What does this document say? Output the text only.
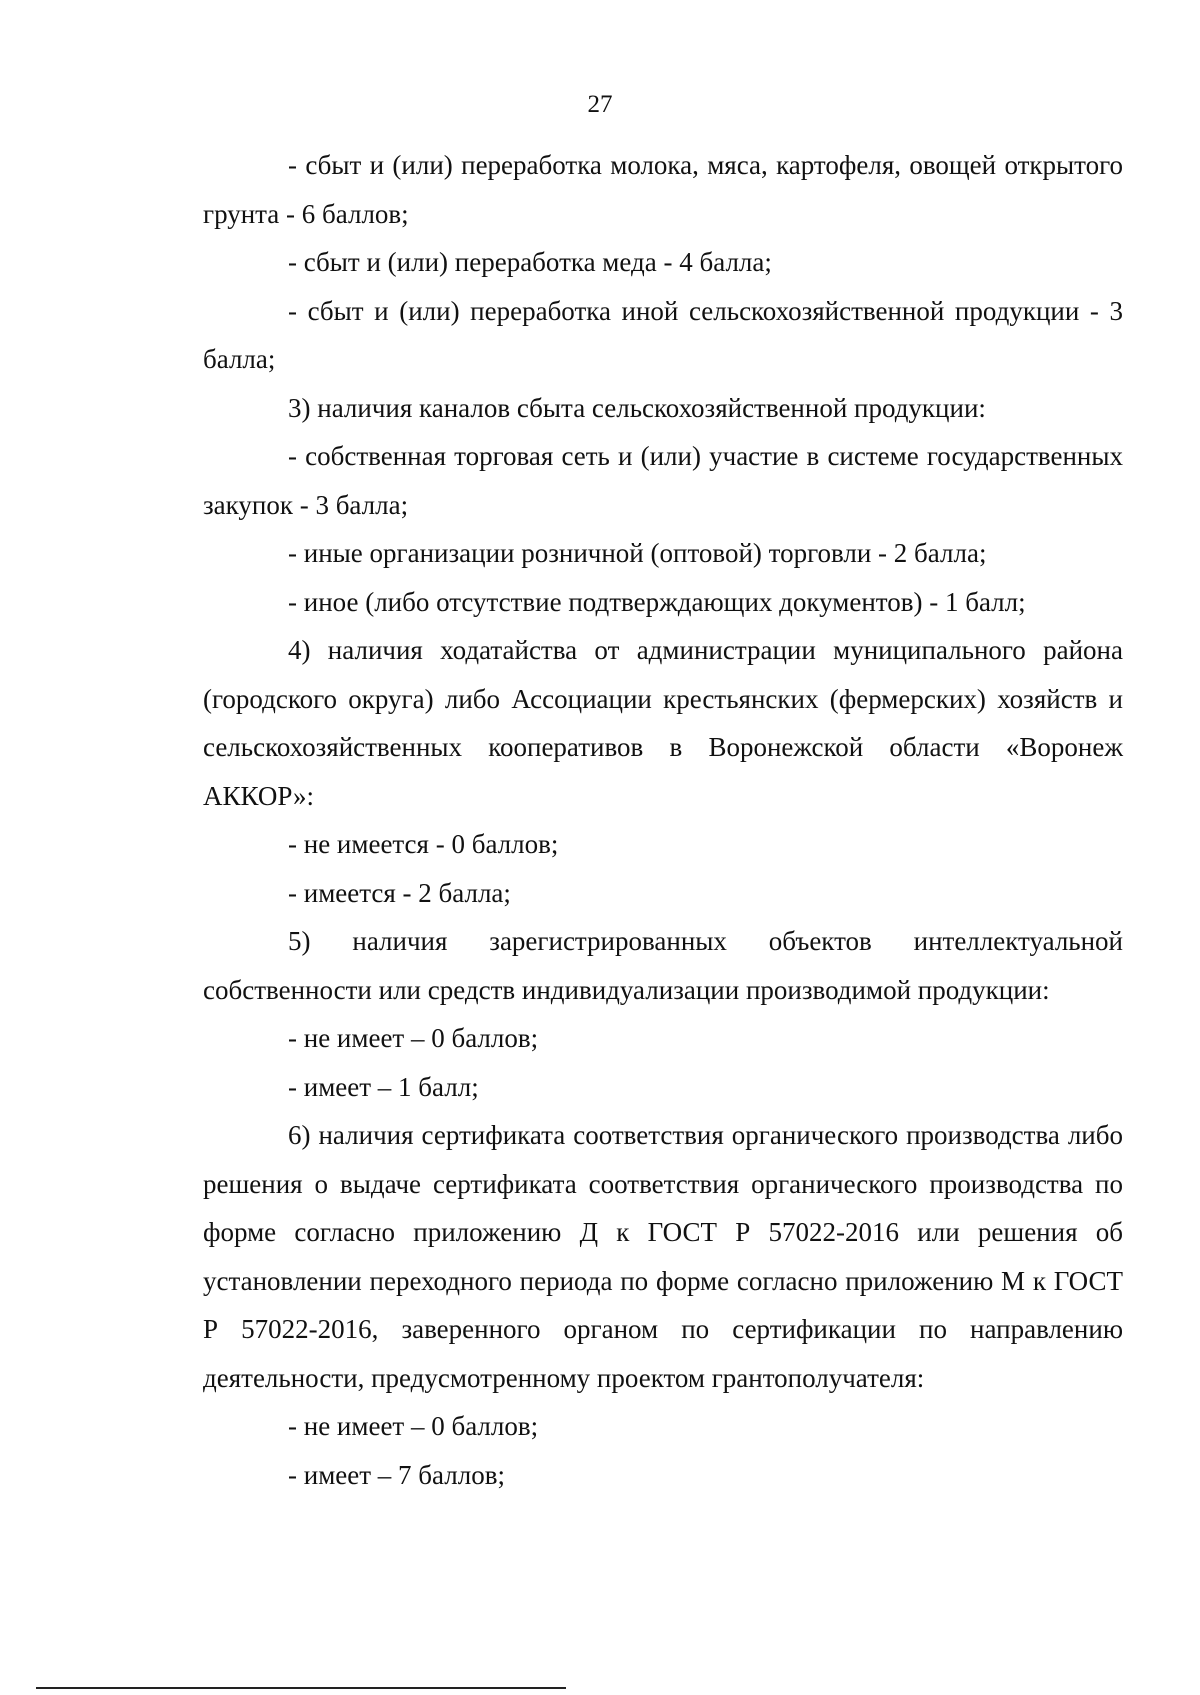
27

- сбыт и (или) переработка молока, мяса, картофеля, овощей открытого грунта - 6 баллов;

- сбыт и (или) переработка меда - 4 балла;

- сбыт и (или) переработка иной сельскохозяйственной продукции - 3 балла;

3) наличия каналов сбыта сельскохозяйственной продукции:

- собственная торговая сеть и (или) участие в системе государственных закупок - 3 балла;

- иные организации розничной (оптовой) торговли - 2 балла;

- иное (либо отсутствие подтверждающих документов) - 1 балл;

4) наличия ходатайства от администрации муниципального района (городского округа) либо Ассоциации крестьянских (фермерских) хозяйств и сельскохозяйственных кооперативов в Воронежской области «Воронеж АККОР»:

- не имеется - 0 баллов;

- имеется - 2 балла;

5) наличия зарегистрированных объектов интеллектуальной собственности или средств индивидуализации производимой продукции:

- не имеет – 0 баллов;

- имеет – 1 балл;

6) наличия сертификата соответствия органического производства либо решения о выдаче сертификата соответствия органического производства по форме согласно приложению Д к ГОСТ Р 57022-2016 или решения об установлении переходного периода по форме согласно приложению М к ГОСТ Р 57022-2016, заверенного органом по сертификации по направлению деятельности, предусмотренному проектом грантополучателя:

- не имеет – 0 баллов;

- имеет – 7 баллов;
